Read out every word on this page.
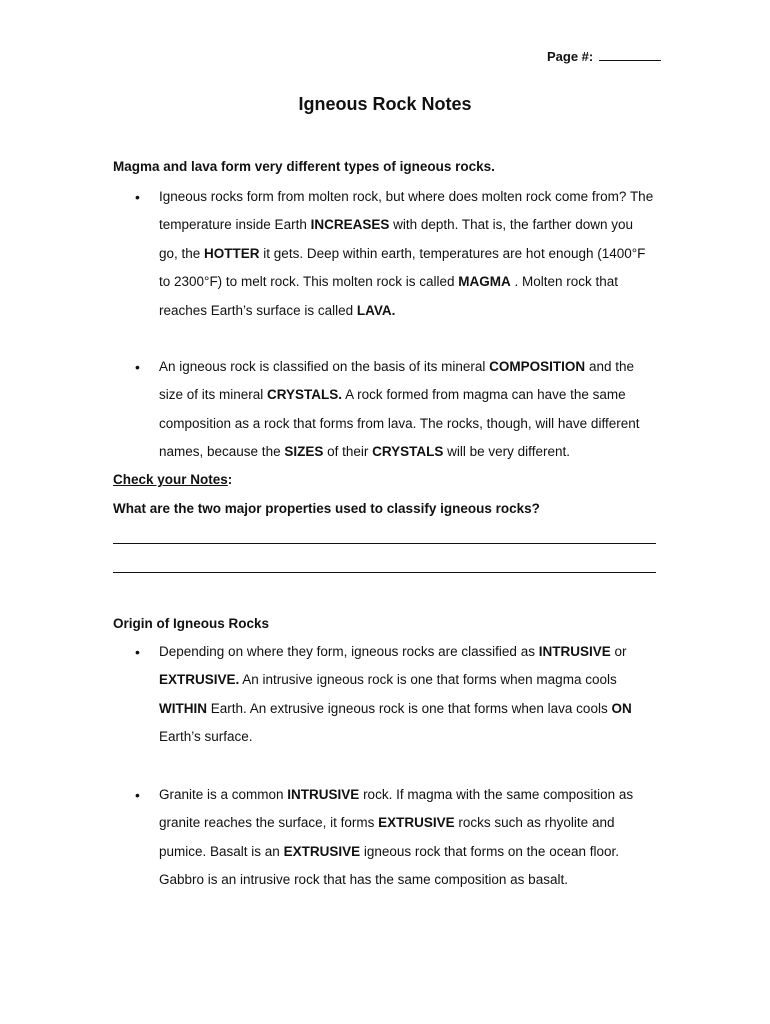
Page #:
Igneous Rock Notes
Magma and lava form very different types of igneous rocks.
• Igneous rocks form from molten rock, but where does molten rock come from? The temperature inside Earth INCREASES with depth. That is, the farther down you go, the HOTTER it gets. Deep within earth, temperatures are hot enough (1400°F to 2300°F) to melt rock. This molten rock is called MAGMA . Molten rock that reaches Earth’s surface is called LAVA.
• An igneous rock is classified on the basis of its mineral COMPOSITION and the size of its mineral CRYSTALS. A rock formed from magma can have the same composition as a rock that forms from lava. The rocks, though, will have different names, because the SIZES of their CRYSTALS will be very different.
Check your Notes:
What are the two major properties used to classify igneous rocks?
Origin of Igneous Rocks
• Depending on where they form, igneous rocks are classified as INTRUSIVE or EXTRUSIVE. An intrusive igneous rock is one that forms when magma cools WITHIN Earth. An extrusive igneous rock is one that forms when lava cools ON Earth’s surface.
• Granite is a common INTRUSIVE rock. If magma with the same composition as granite reaches the surface, it forms EXTRUSIVE rocks such as rhyolite and pumice. Basalt is an EXTRUSIVE igneous rock that forms on the ocean floor. Gabbro is an intrusive rock that has the same composition as basalt.
